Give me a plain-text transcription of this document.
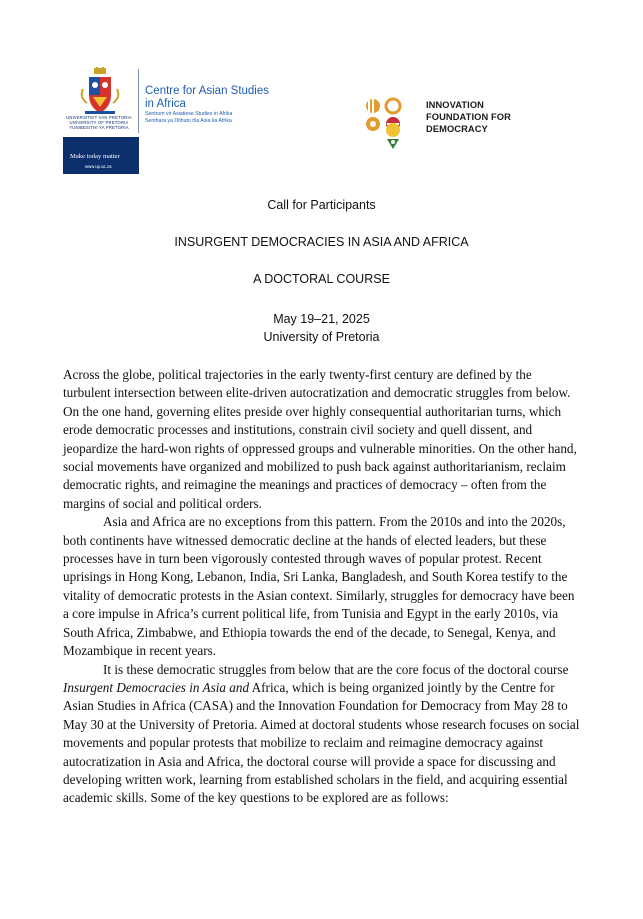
UNIVERSITEIT VAN PRETORIA
UNIVERSITY OF PRETORIA
YUNIBESITHI YA PRETORIA
Centre for Asian Studies
in Africa
Sentrum vir Asiatiese Studies in Afrika
Senthara ya Dithuto tša Asia ka Afrika
Make today matter
www.up.ac.za
INNOVATION
FOUNDATION FOR
DEMOCRACY
Call for Participants
INSURGENT DEMOCRACIES IN ASIA AND AFRICA
A DOCTORAL COURSE
May 19–21, 2025
University of Pretoria

Across the globe, political trajectories in the early twenty-first century are defined by the turbulent intersection between elite-driven autocratization and democratic struggles from below. On the one hand, governing elites preside over highly consequential authoritarian turns, which erode democratic processes and institutions, constrain civil society and quell dissent, and jeopardize the hard-won rights of oppressed groups and vulnerable minorities. On the other hand, social movements have organized and mobilized to push back against authoritarianism, reclaim democratic rights, and reimagine the meanings and practices of democracy – often from the margins of social and political orders.

Asia and Africa are no exceptions from this pattern. From the 2010s and into the 2020s, both continents have witnessed democratic decline at the hands of elected leaders, but these processes have in turn been vigorously contested through waves of popular protest. Recent uprisings in Hong Kong, Lebanon, India, Sri Lanka, Bangladesh, and South Korea testify to the vitality of democratic protests in the Asian context. Similarly, struggles for democracy have been a core impulse in Africa’s current political life, from Tunisia and Egypt in the early 2010s, via South Africa, Zimbabwe, and Ethiopia towards the end of the decade, to Senegal, Kenya, and Mozambique in recent years.

It is these democratic struggles from below that are the core focus of the doctoral course Insurgent Democracies in Asia and Africa, which is being organized jointly by the Centre for Asian Studies in Africa (CASA) and the Innovation Foundation for Democracy from May 28 to May 30 at the University of Pretoria. Aimed at doctoral students whose research focuses on social movements and popular protests that mobilize to reclaim and reimagine democracy against autocratization in Asia and Africa, the doctoral course will provide a space for discussing and developing written work, learning from established scholars in the field, and acquiring essential academic skills. Some of the key questions to be explored are as follows:
